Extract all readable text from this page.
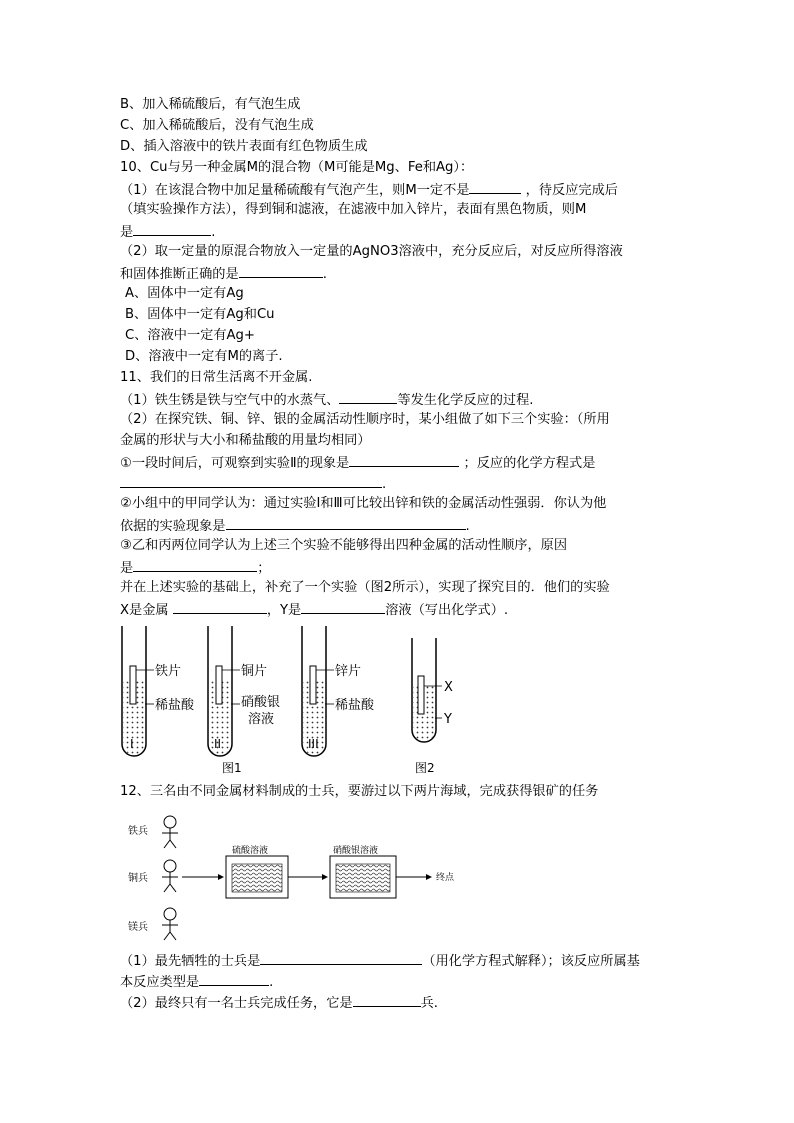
B、加入稀硫酸后，有气泡生成
C、加入稀硫酸后，没有气泡生成
D、插入溶液中的铁片表面有红色物质生成
10、Cu与另一种金属M的混合物（M可能是Mg、Fe和Ag）：
（1）在该混合物中加足量稀硫酸有气泡产生，则M一定不是	，待反应完成后
（填实验操作方法），得到铜和滤液，在滤液中加入锌片，表面有黑色物质，则M
是	.
（2）取一定量的原混合物放入一定量的AgNO3溶液中，充分反应后，对反应所得溶液
和固体推断正确的是	.
A、固体中一定有Ag
B、固体中一定有Ag和Cu
C、溶液中一定有Ag+
D、溶液中一定有M的离子.
11、我们的日常生活离不开金属.
（1）铁生锈是铁与空气中的水蒸气、	等发生化学反应的过程.
（2）在探究铁、铜、锌、银的金属活动性顺序时，某小组做了如下三个实验：（所用
金属的形状与大小和稀盐酸的用量均相同）
①一段时间后，可观察到实验Ⅱ的现象是	；反应的化学方程式是
.
②小组中的甲同学认为：通过实验Ⅰ和Ⅲ可比较出锌和铁的金属活动性强弱．你认为他
依据的实验现象是	.
③乙和丙两位同学认为上述三个实验不能够得出四种金属的活动性顺序，原因
是	；
并在上述实验的基础上，补充了一个实验（图2所示），实现了探究目的．他们的实验
X是金属	，Y是	溶液（写出化学式）.
铁片
稀盐酸
I
铜片
硝酸银
溶液
II
锌片
稀盐酸
III
X
Y
图1	图2
12、三名由不同金属材料制成的士兵，要游过以下两片海域，完成获得银矿的任务
铁兵
铜兵
镁兵
硫酸溶液	硝酸银溶液
终点
（1）最先牺牲的士兵是	（用化学方程式解释）；该反应所属基
本反应类型是	.
（2）最终只有一名士兵完成任务，它是	兵.
